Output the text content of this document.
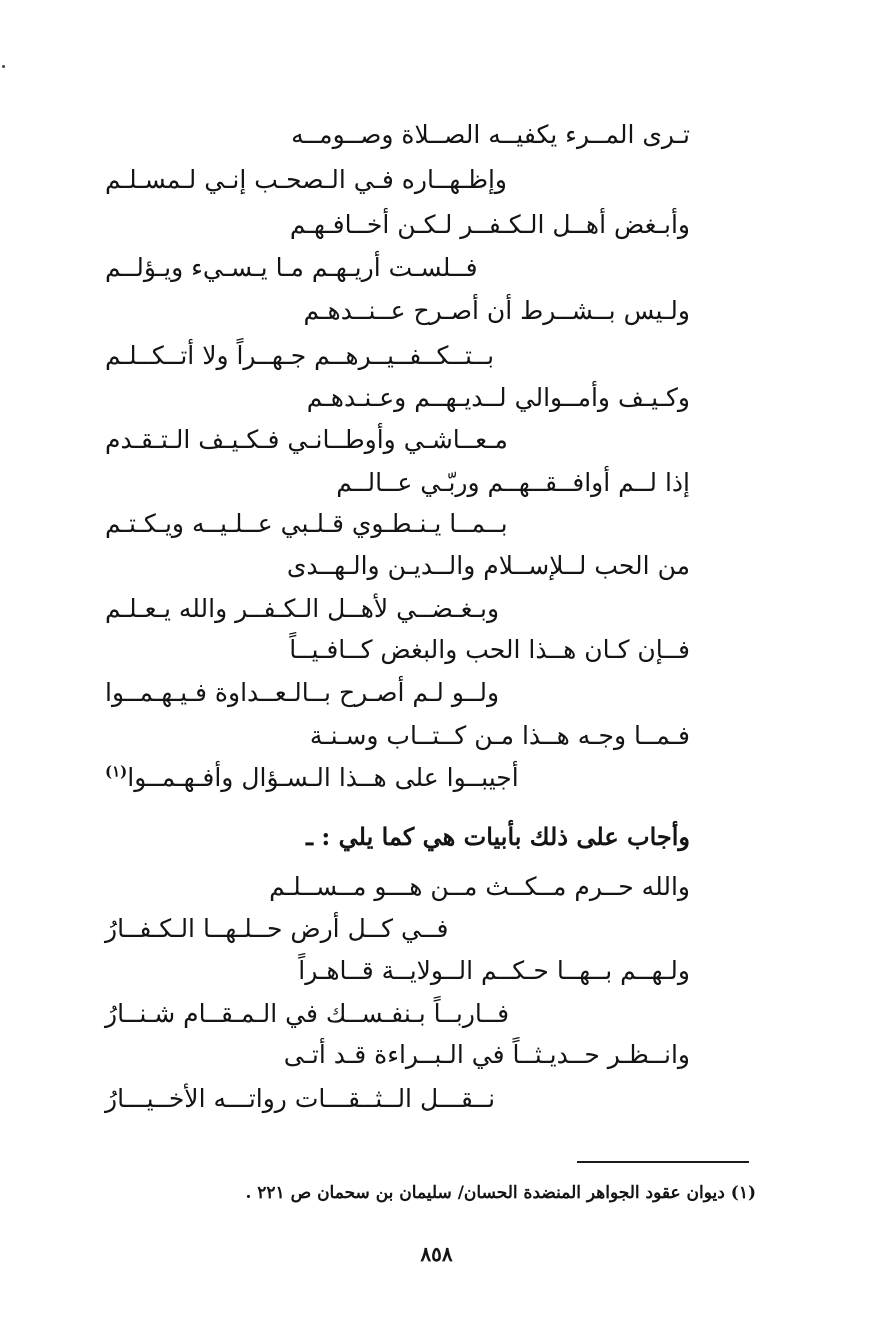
تـرى المــرء يكفيــه الصــلاة وصــومــه
وإظـهــاره فـي الـصحـب إنـي لـمسـلـم
وأبـغض أهــل الـكـفــر لـكـن أخــافـهـم
فــلسـت أريـهـم مـا يـسـيء ويـؤلــم
ولـيس بــشــرط أن أصـرح عــنــدهـم
بــتــكــفــيــرهــم جـهــراً ولا أتــكــلـم
وكـيـف وأمــوالي لــديـهــم وعـنـدهـم
مـعــاشـي وأوطــانـي فـكـيـف الـتـقـدم
إذا لــم أوافــقــهــم وربّـي عــالــم
بــمــا يـنـطـوي قـلـبي عــلـيــه ويـكـتـم
من الحب لــلإســلام والــديـن والـهــدى
وبـغـضــي لأهــل الـكـفــر والله يـعـلـم
فــإن كـان هــذا الحب والبغض كــافـيــاً
ولــو لـم أصـرح بــالـعــداوة فـيـهـمــوا
فـمــا وجـه هــذا مـن كــتــاب وسـنـة
أجيبــوا على هــذا الـسـؤال وأفـهـمــوا$^{(١)}$
وأجاب على ذلك بأبيات هي كما يلي : ـ
والله حــرم مــكــث مــن هـــو مــســلـم
فــي كــل أرض حــلـهــا الـكـفــارُ
ولـهــم بــهــا حـكــم الــولايــة قــاهـراً
فــاربــاً بـنفـســك في الـمـقــام شـنــارُ
وانــظـر حــديـثــاً في الـبــراءة قـد أتـى
نــقـــل الــثــقـــات رواتـــه الأخــيـــارُ
(١) ديوان عقود الجواهر المنضدة الحسان/ سليمان بن سحمان ص ٢٢١ .
٨٥٨
